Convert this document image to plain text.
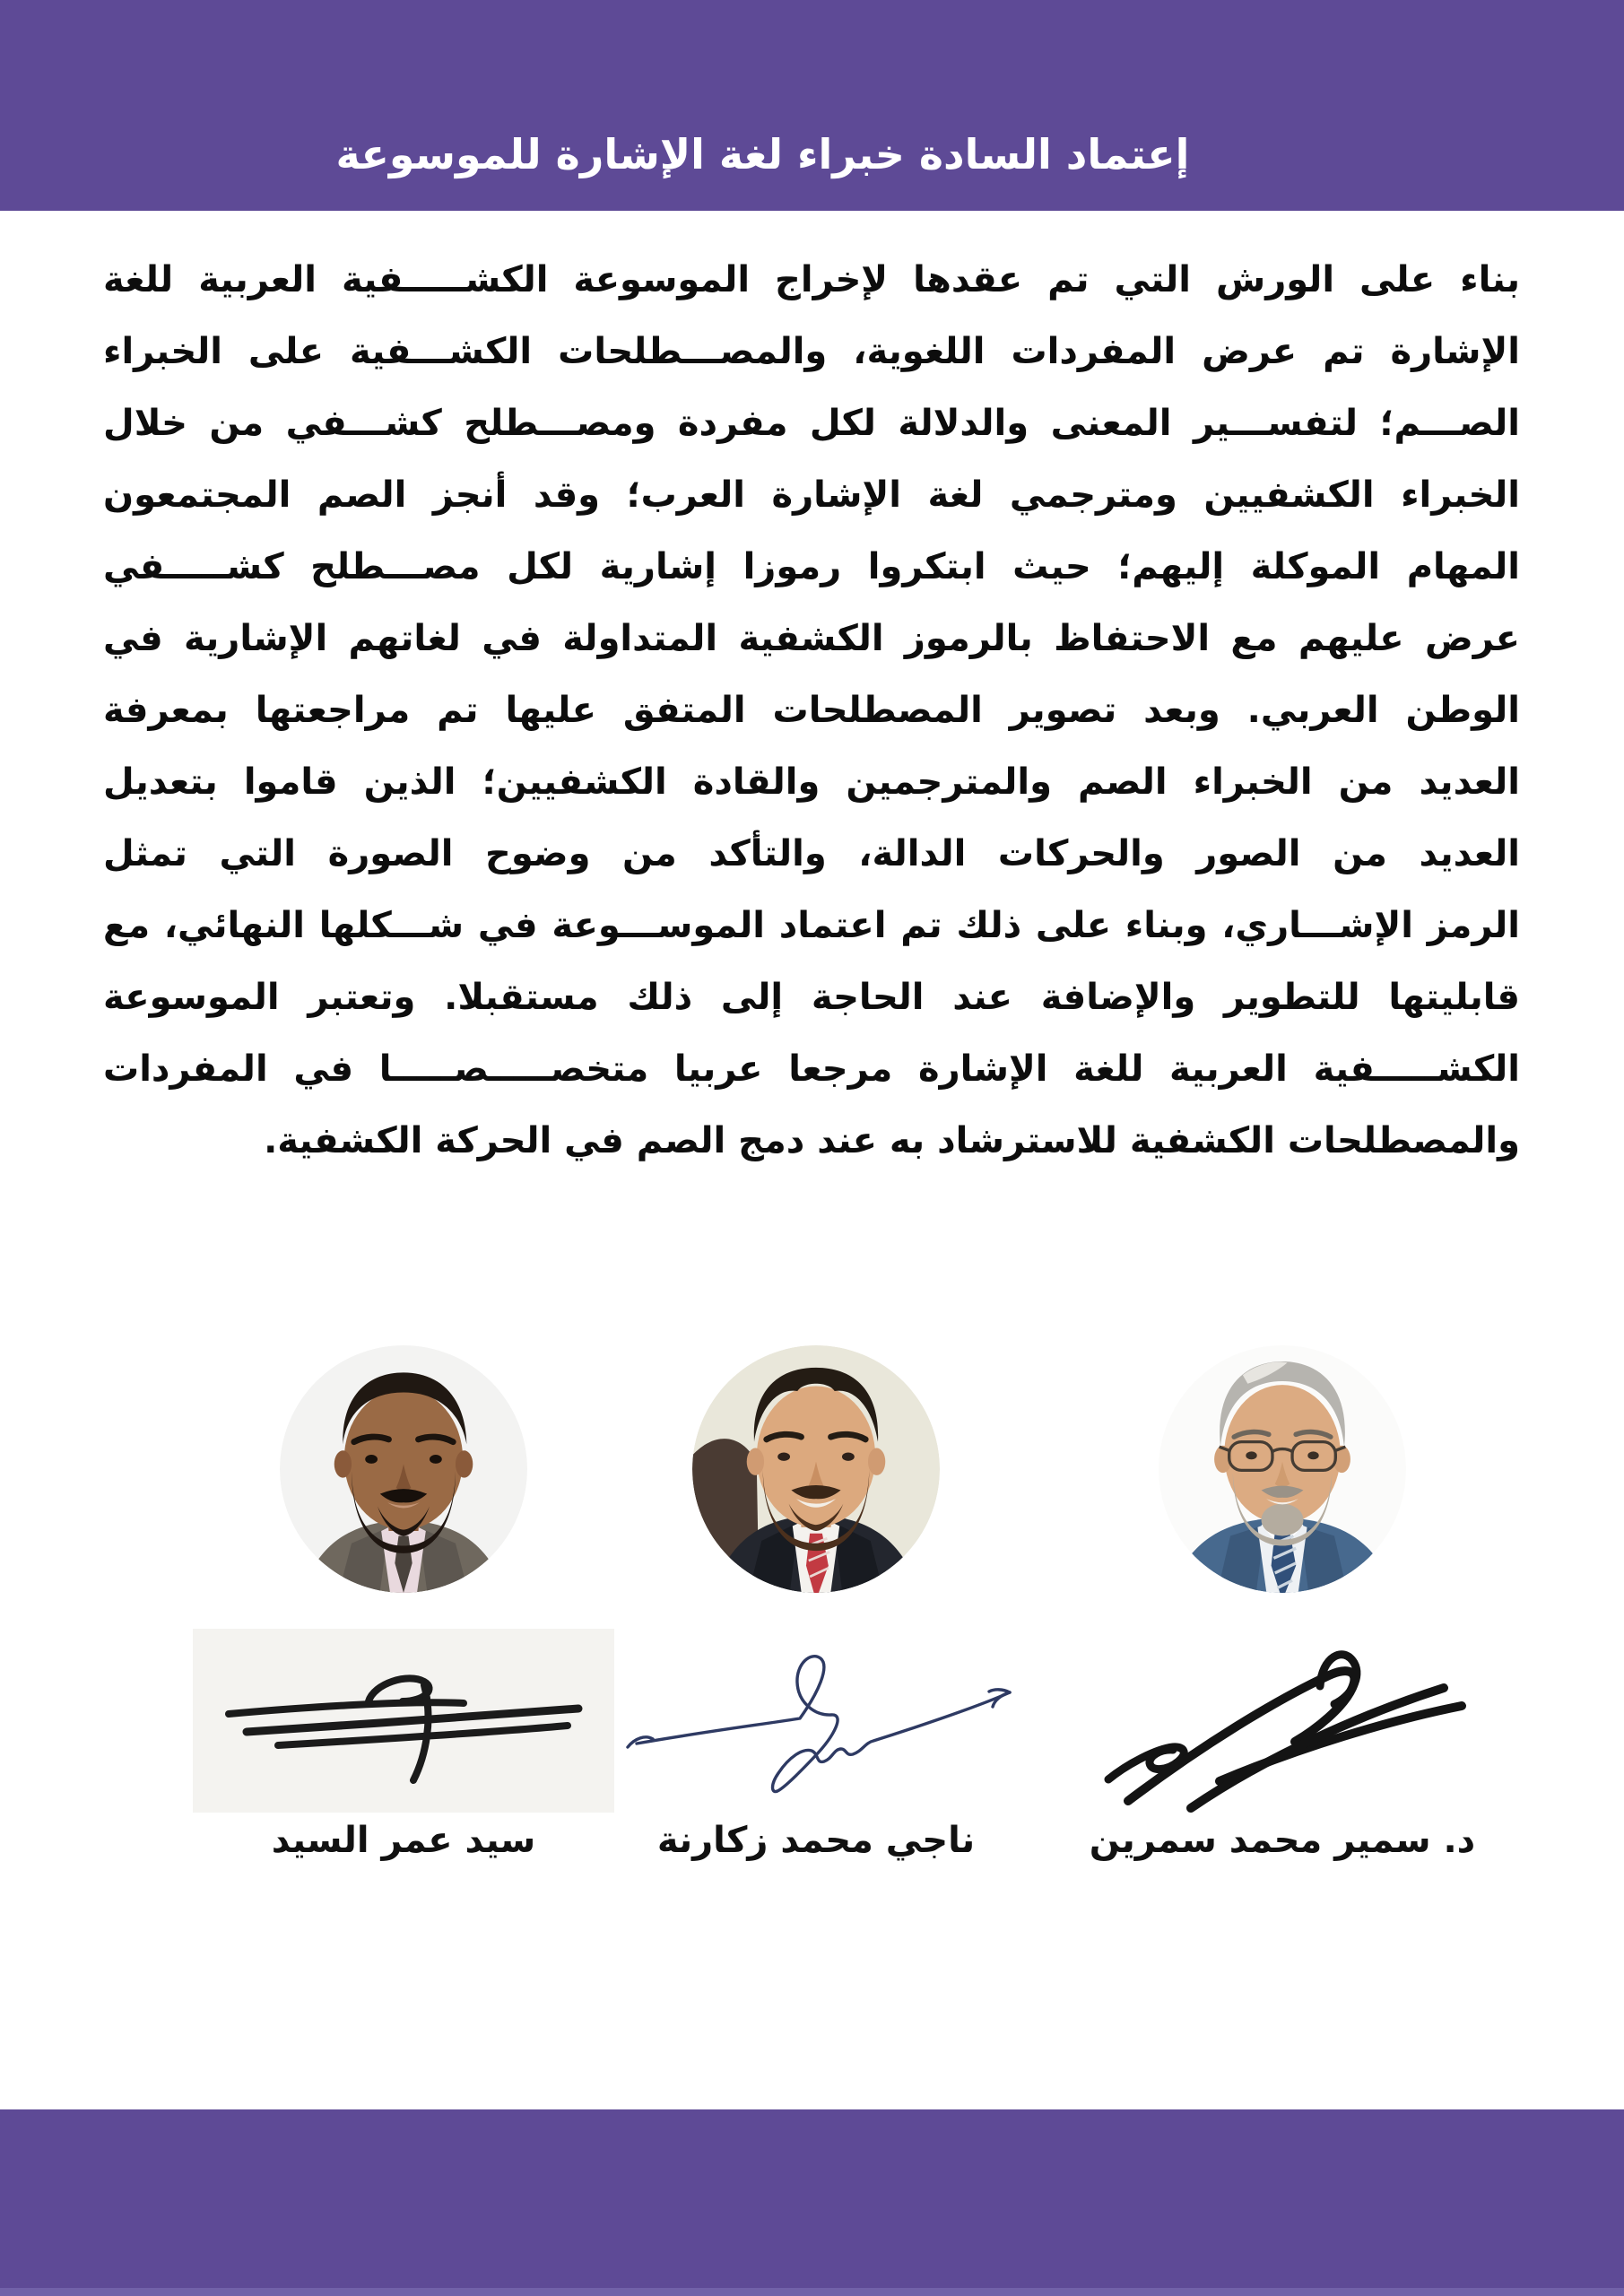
إعتماد السادة خبراء لغة الإشارة للموسوعة
بناء على الورش التي تم عقدها لإخراج الموسوعة الكشـــــفية العربية للغة
الإشارة تم عرض المفردات اللغوية، والمصـــطلحات الكشـــفية على الخبراء
الصـــم؛ لتفســـير المعنى والدلالة لكل مفردة ومصـــطلح كشـــفي من خلال
الخبراء الكشفيين ومترجمي لغة الإشارة العرب؛ وقد أنجز الصم المجتمعون
المهام الموكلة إليهم؛ حيث ابتكروا رموزا إشارية لكل مصـــطلح كشـــــفي
عرض عليهم مع الاحتفاظ بالرموز الكشفية المتداولة في لغاتهم الإشارية في
الوطن العربي. وبعد تصوير المصطلحات المتفق عليها تم مراجعتها بمعرفة
العديد من الخبراء الصم والمترجمين والقادة الكشفيين؛ الذين قاموا بتعديل
العديد من الصور والحركات الدالة، والتأكد من وضوح الصورة التي تمثل
الرمز الإشـــاري، وبناء على ذلك تم اعتماد الموســـوعة في شـــكلها النهائي، مع
قابليتها للتطوير والإضافة عند الحاجة إلى ذلك مستقبلا. وتعتبر الموسوعة
الكشـــــفية العربية للغة الإشارة مرجعا عربيا متخصـــــصـــــا في المفردات
والمصطلحات الكشفية للاسترشاد به عند دمج الصم في الحركة الكشفية.
د. سمير محمد سمرين
ناجي محمد زكارنة
سيد عمر السيد
